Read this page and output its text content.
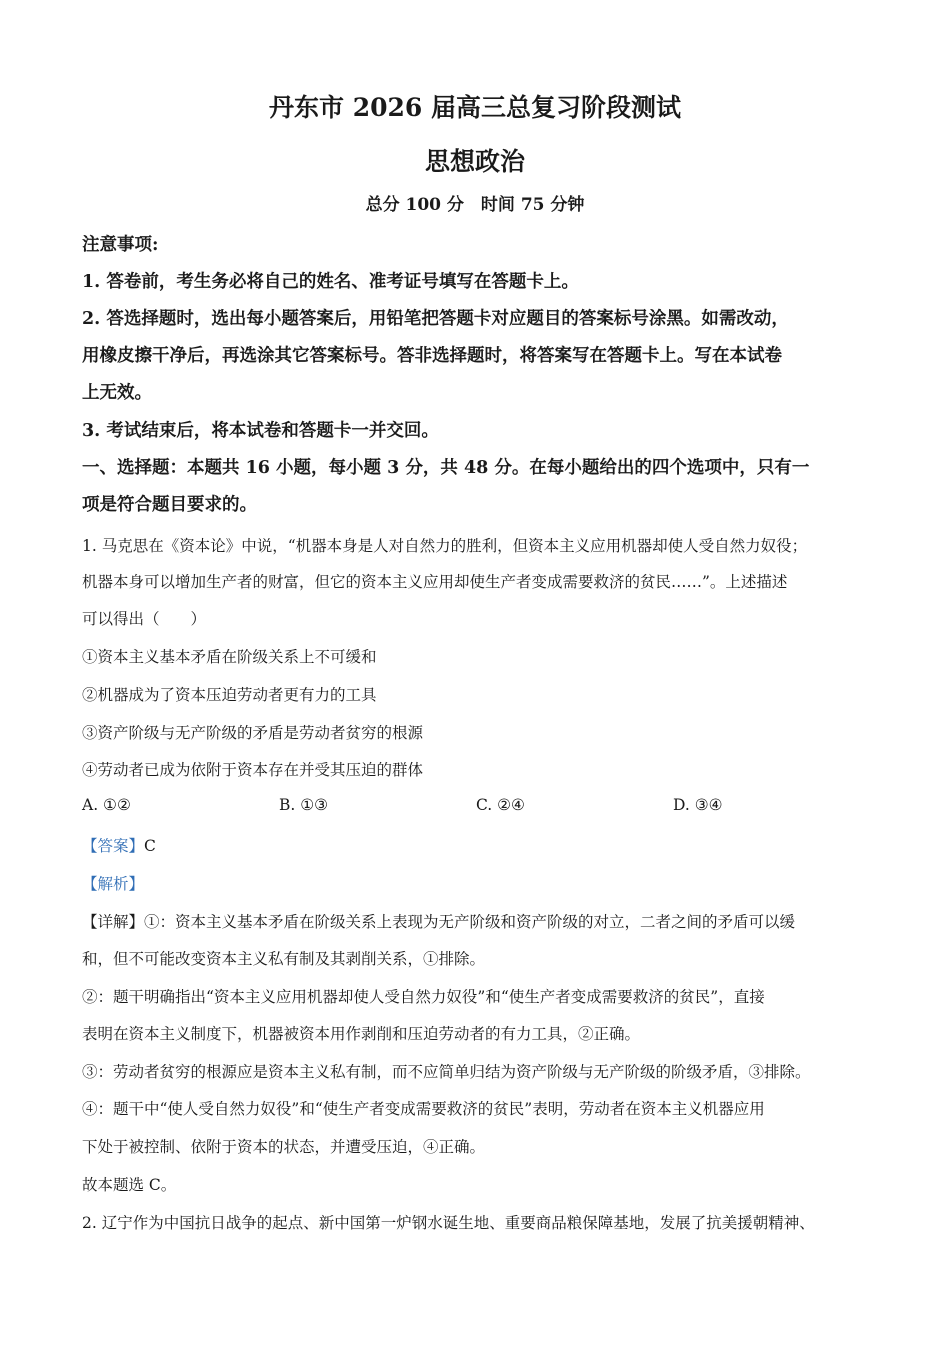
丹东市 2026 届高三总复习阶段测试
思想政治
总分 100 分　时间 75 分钟
注意事项:
1. 答卷前，考生务必将自己的姓名、准考证号填写在答题卡上。
2. 答选择题时，选出每小题答案后，用铅笔把答题卡对应题目的答案标号涂黑。如需改动，
用橡皮擦干净后，再选涂其它答案标号。答非选择题时，将答案写在答题卡上。写在本试卷
上无效。
3. 考试结束后，将本试卷和答题卡一并交回。
一、选择题：本题共 16 小题，每小题 3 分，共 48 分。在每小题给出的四个选项中，只有一
项是符合题目要求的。
1. 马克思在《资本论》中说，“机器本身是人对自然力的胜利，但资本主义应用机器却使人受自然力奴役；
机器本身可以增加生产者的财富，但它的资本主义应用却使生产者变成需要救济的贫民……”。上述描述
可以得出（　　）
①资本主义基本矛盾在阶级关系上不可缓和
②机器成为了资本压迫劳动者更有力的工具
③资产阶级与无产阶级的矛盾是劳动者贫穷的根源
④劳动者已成为依附于资本存在并受其压迫的群体
A. ①②	B. ①③	C. ②④	D. ③④
【答案】C
【解析】
【详解】①：资本主义基本矛盾在阶级关系上表现为无产阶级和资产阶级的对立，二者之间的矛盾可以缓
和，但不可能改变资本主义私有制及其剥削关系，①排除。
②：题干明确指出“资本主义应用机器却使人受自然力奴役”和“使生产者变成需要救济的贫民”，直接
表明在资本主义制度下，机器被资本用作剥削和压迫劳动者的有力工具，②正确。
③：劳动者贫穷的根源应是资本主义私有制，而不应简单归结为资产阶级与无产阶级的阶级矛盾，③排除。
④：题干中“使人受自然力奴役”和“使生产者变成需要救济的贫民”表明，劳动者在资本主义机器应用
下处于被控制、依附于资本的状态，并遭受压迫，④正确。
故本题选 C。
2. 辽宁作为中国抗日战争的起点、新中国第一炉钢水诞生地、重要商品粮保障基地，发展了抗美援朝精神、
